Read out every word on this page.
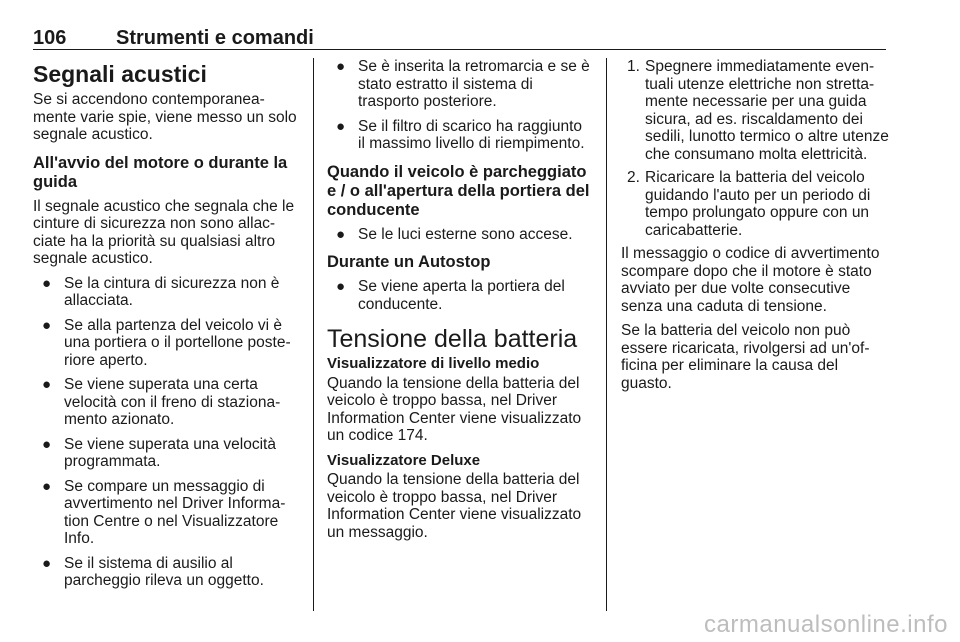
106 Strumenti e comandi
Segnali acustici

Se si accendono contemporanea- mente varie spie, viene messo un solo segnale acustico.

All'avvio del motore o durante la guida

Il segnale acustico che segnala che le cinture di sicurezza non sono allac- ciate ha la priorità su qualsiasi altro segnale acustico.

● Se la cintura di sicurezza non è allacciata.
● Se alla partenza del veicolo vi è una portiera o il portellone poste- riore aperto.
● Se viene superata una certa velocità con il freno di staziona- mento azionato.
● Se viene superata una velocità programmata.
● Se compare un messaggio di avvertimento nel Driver Informa- tion Centre o nel Visualizzatore Info.
● Se il sistema di ausilio al parcheggio rileva un oggetto.
● Se è inserita la retromarcia e se è stato estratto il sistema di trasporto posteriore.
● Se il filtro di scarico ha raggiunto il massimo livello di riempimento.
Quando il veicolo è parcheggiato e / o all'apertura della portiera del conducente
● Se le luci esterne sono accese.
Durante un Autostop
● Se viene aperta la portiera del conducente.
Tensione della batteria
Visualizzatore di livello medio

Quando la tensione della batteria del veicolo è troppo bassa, nel Driver Information Center viene visualizzato un codice 174.

Visualizzatore Deluxe

Quando la tensione della batteria del veicolo è troppo bassa, nel Driver Information Center viene visualizzato un messaggio.

1. Spegnere immediatamente even- tuali utenze elettriche non stretta- mente necessarie per una guida sicura, ad es. riscaldamento dei sedili, lunotto termico o altre utenze che consumano molta elettricità.
2. Ricaricare la batteria del veicolo guidando l'auto per un periodo di tempo prolungato oppure con un caricabatterie.

Il messaggio o codice di avvertimento scompare dopo che il motore è stato avviato per due volte consecutive senza una caduta di tensione.

Se la batteria del veicolo non può essere ricaricata, rivolgersi ad un'of- ficina per eliminare la causa del guasto.

carmanualsonline.info
